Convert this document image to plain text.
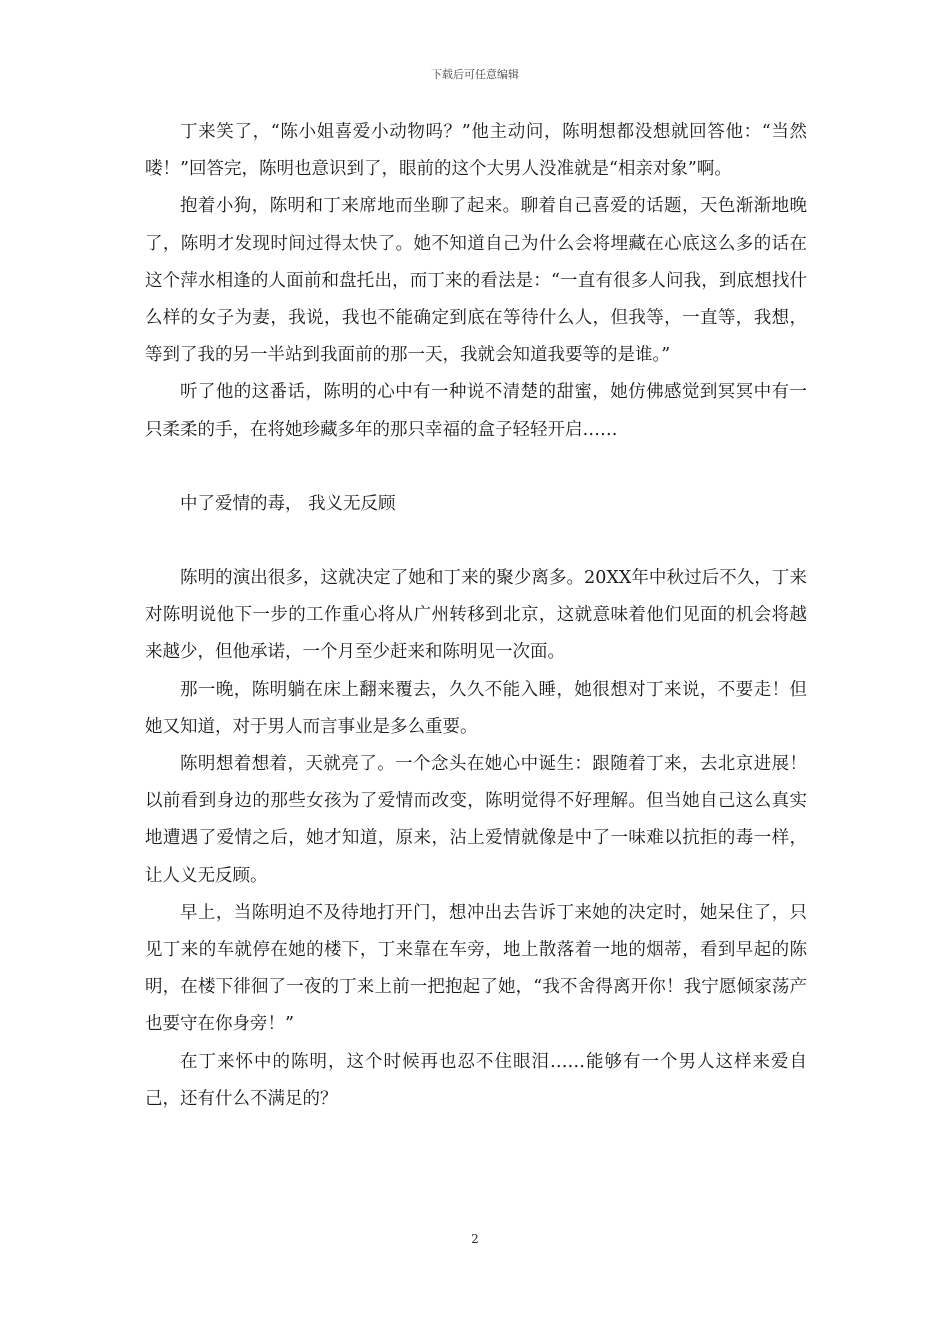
下载后可任意编辑

丁来笑了，“陈小姐喜爱小动物吗？”他主动问，陈明想都没想就回答他：“当然喽！”回答完，陈明也意识到了，眼前的这个大男人没准就是“相亲对象”啊。

抱着小狗，陈明和丁来席地而坐聊了起来。聊着自己喜爱的话题，天色渐渐地晚了，陈明才发现时间过得太快了。她不知道自己为什么会将埋藏在心底这么多的话在这个萍水相逢的人面前和盘托出，而丁来的看法是：“一直有很多人问我，到底想找什么样的女子为妻，我说，我也不能确定到底在等待什么人，但我等，一直等，我想，等到了我的另一半站到我面前的那一天，我就会知道我要等的是谁。”

听了他的这番话，陈明的心中有一种说不清楚的甜蜜，她仿佛感觉到冥冥中有一只柔柔的手，在将她珍藏多年的那只幸福的盒子轻轻开启……

中了爱情的毒， 我义无反顾

陈明的演出很多，这就决定了她和丁来的聚少离多。20XX年中秋过后不久，丁来对陈明说他下一步的工作重心将从广州转移到北京，这就意味着他们见面的机会将越来越少，但他承诺，一个月至少赶来和陈明见一次面。

那一晚，陈明躺在床上翻来覆去，久久不能入睡，她很想对丁来说，不要走！但她又知道，对于男人而言事业是多么重要。

陈明想着想着，天就亮了。一个念头在她心中诞生：跟随着丁来，去北京进展！以前看到身边的那些女孩为了爱情而改变，陈明觉得不好理解。但当她自己这么真实地遭遇了爱情之后，她才知道，原来，沾上爱情就像是中了一味难以抗拒的毒一样，让人义无反顾。

早上，当陈明迫不及待地打开门，想冲出去告诉丁来她的决定时，她呆住了，只见丁来的车就停在她的楼下，丁来靠在车旁，地上散落着一地的烟蒂，看到早起的陈明，在楼下徘徊了一夜的丁来上前一把抱起了她，“我不舍得离开你！我宁愿倾家荡产也要守在你身旁！”

在丁来怀中的陈明，这个时候再也忍不住眼泪……能够有一个男人这样来爱自己，还有什么不满足的？

2
